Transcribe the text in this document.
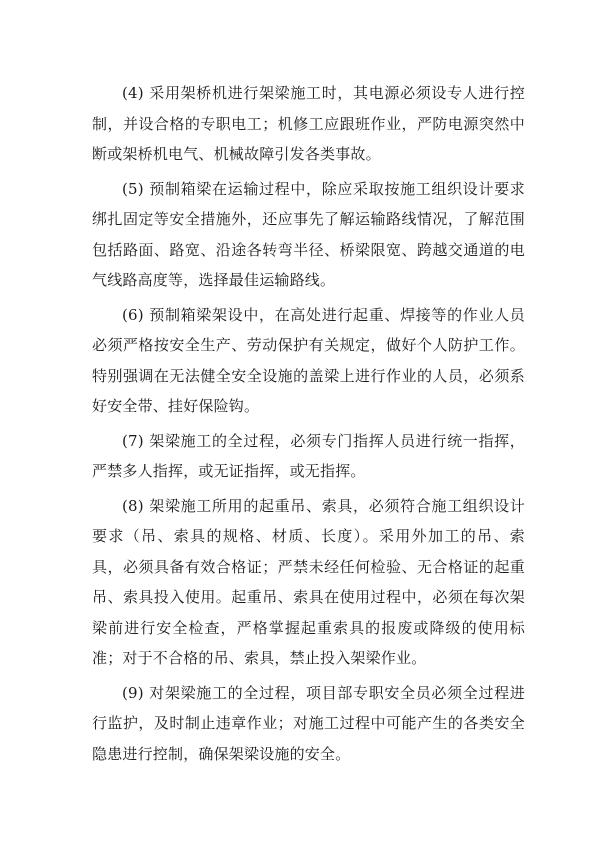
(4) 采用架桥机进行架梁施工时，其电源必须设专人进行控制，并设合格的专职电工；机修工应跟班作业，严防电源突然中断或架桥机电气、机械故障引发各类事故。

(5) 预制箱梁在运输过程中，除应采取按施工组织设计要求绑扎固定等安全措施外，还应事先了解运输路线情况，了解范围包括路面、路宽、沿途各转弯半径、桥梁限宽、跨越交通道的电气线路高度等，选择最佳运输路线。

(6) 预制箱梁架设中，在高处进行起重、焊接等的作业人员必须严格按安全生产、劳动保护有关规定，做好个人防护工作。特别强调在无法健全安全设施的盖梁上进行作业的人员，必须系好安全带、挂好保险钩。

(7) 架梁施工的全过程，必须专门指挥人员进行统一指挥，严禁多人指挥，或无证指挥，或无指挥。

(8) 架梁施工所用的起重吊、索具，必须符合施工组织设计要求（吊、索具的规格、材质、长度）。采用外加工的吊、索具，必须具备有效合格证；严禁未经任何检验、无合格证的起重吊、索具投入使用。起重吊、索具在使用过程中，必须在每次架梁前进行安全检查，严格掌握起重索具的报废或降级的使用标准；对于不合格的吊、索具，禁止投入架梁作业。

(9) 对架梁施工的全过程，项目部专职安全员必须全过程进行监护，及时制止违章作业；对施工过程中可能产生的各类安全隐患进行控制，确保架梁设施的安全。
